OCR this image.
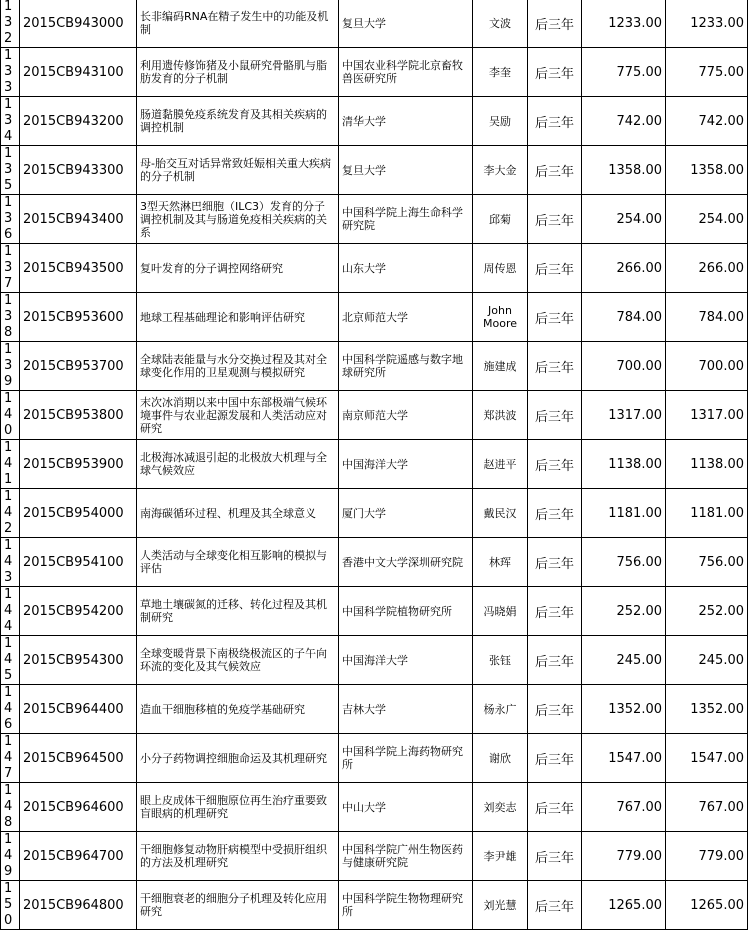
132	2015CB943000	长非编码RNA在精子发生中的功能及机制	复旦大学	文波	后三年	1233.00	1233.00
133	2015CB943100	利用遗传修饰猪及小鼠研究骨骼肌与脂肪发育的分子机制	中国农业科学院北京畜牧兽医研究所	李奎	后三年	775.00	775.00
134	2015CB943200	肠道黏膜免疫系统发育及其相关疾病的调控机制	清华大学	吴励	后三年	742.00	742.00
135	2015CB943300	母-胎交互对话异常致妊娠相关重大疾病的分子机制	复旦大学	李大金	后三年	1358.00	1358.00
136	2015CB943400	3型天然淋巴细胞（ILC3）发育的分子调控机制及其与肠道免疫相关疾病的关系	中国科学院上海生命科学研究院	邱菊	后三年	254.00	254.00
137	2015CB943500	复叶发育的分子调控网络研究	山东大学	周传恩	后三年	266.00	266.00
138	2015CB953600	地球工程基础理论和影响评估研究	北京师范大学	John Moore	后三年	784.00	784.00
139	2015CB953700	全球陆表能量与水分交换过程及其对全球变化作用的卫星观测与模拟研究	中国科学院遥感与数字地球研究所	施建成	后三年	700.00	700.00
140	2015CB953800	末次冰消期以来中国中东部极端气候环境事件与农业起源发展和人类活动应对研究	南京师范大学	郑洪波	后三年	1317.00	1317.00
141	2015CB953900	北极海冰减退引起的北极放大机理与全球气候效应	中国海洋大学	赵进平	后三年	1138.00	1138.00
142	2015CB954000	南海碳循环过程、机理及其全球意义	厦门大学	戴民汉	后三年	1181.00	1181.00
143	2015CB954100	人类活动与全球变化相互影响的模拟与评估	香港中文大学深圳研究院	林珲	后三年	756.00	756.00
144	2015CB954200	草地土壤碳氮的迁移、转化过程及其机制研究	中国科学院植物研究所	冯晓娟	后三年	252.00	252.00
145	2015CB954300	全球变暖背景下南极绕极流区的子午向环流的变化及其气候效应	中国海洋大学	张钰	后三年	245.00	245.00
146	2015CB964400	造血干细胞移植的免疫学基础研究	吉林大学	杨永广	后三年	1352.00	1352.00
147	2015CB964500	小分子药物调控细胞命运及其机理研究	中国科学院上海药物研究所	谢欣	后三年	1547.00	1547.00
148	2015CB964600	眼上皮成体干细胞原位再生治疗重要致盲眼病的机理研究	中山大学	刘奕志	后三年	767.00	767.00
149	2015CB964700	干细胞修复动物肝病模型中受损肝组织的方法及机理研究	中国科学院广州生物医药与健康研究院	李尹雄	后三年	779.00	779.00
150	2015CB964800	干细胞衰老的细胞分子机理及转化应用研究	中国科学院生物物理研究所	刘光慧	后三年	1265.00	1265.00
